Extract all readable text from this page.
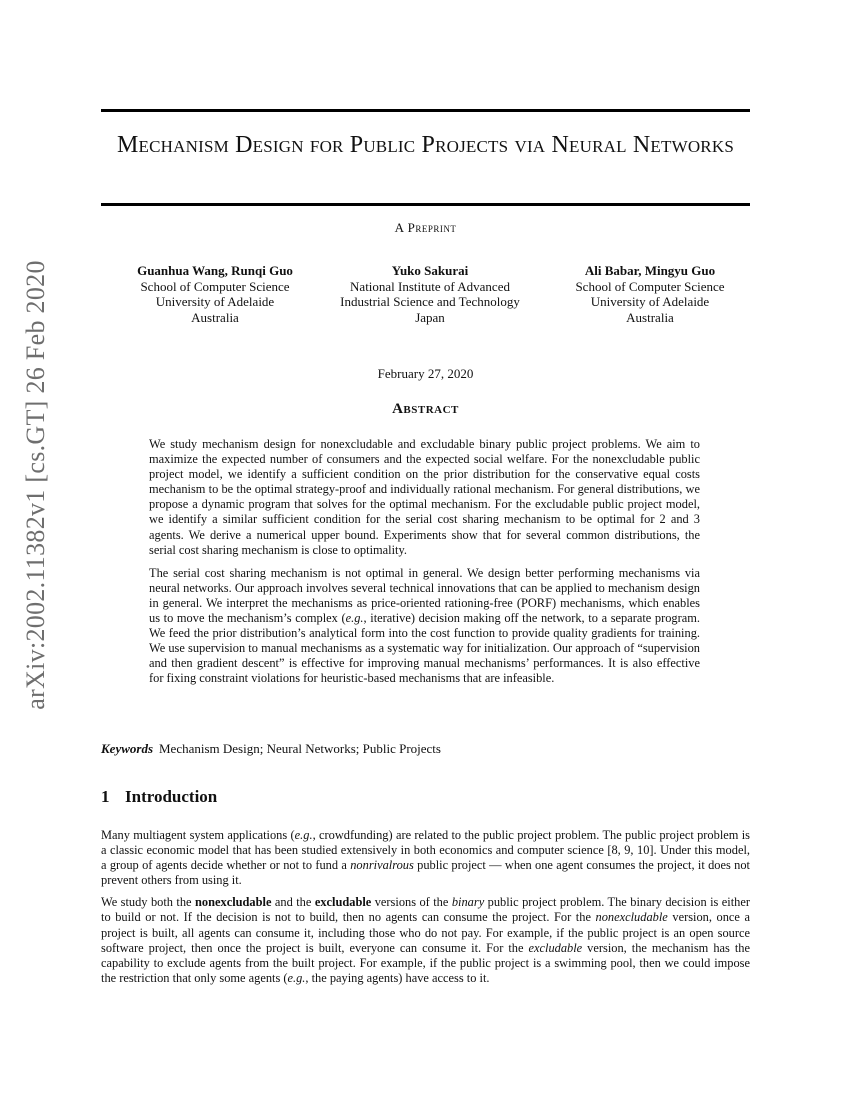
arXiv:2002.11382v1 [cs.GT] 26 Feb 2020
Mechanism Design for Public Projects via Neural Networks
A Preprint
Guanhua Wang, Runqi Guo
School of Computer Science
University of Adelaide
Australia
Yuko Sakurai
National Institute of Advanced
Industrial Science and Technology
Japan
Ali Babar, Mingyu Guo
School of Computer Science
University of Adelaide
Australia
February 27, 2020
Abstract

We study mechanism design for nonexcludable and excludable binary public project problems. We aim to maximize the expected number of consumers and the expected social welfare. For the nonexcludable public project model, we identify a sufficient condition on the prior distribution for the conservative equal costs mechanism to be the optimal strategy-proof and individually rational mechanism. For general distributions, we propose a dynamic program that solves for the optimal mechanism. For the excludable public project model, we identify a similar sufficient condition for the serial cost sharing mechanism to be optimal for 2 and 3 agents. We derive a numerical upper bound. Experiments show that for several common distributions, the serial cost sharing mechanism is close to optimality.

The serial cost sharing mechanism is not optimal in general. We design better performing mechanisms via neural networks. Our approach involves several technical innovations that can be applied to mechanism design in general. We interpret the mechanisms as price-oriented rationing-free (PORF) mechanisms, which enables us to move the mechanism’s complex (e.g., iterative) decision making off the network, to a separate program. We feed the prior distribution’s analytical form into the cost function to provide quality gradients for training. We use supervision to manual mechanisms as a systematic way for initialization. Our approach of “supervision and then gradient descent” is effective for improving manual mechanisms’ performances. It is also effective for fixing constraint violations for heuristic-based mechanisms that are infeasible.

Keywords Mechanism Design; Neural Networks; Public Projects
1 Introduction

Many multiagent system applications (e.g., crowdfunding) are related to the public project problem. The public project problem is a classic economic model that has been studied extensively in both economics and computer science [8, 9, 10]. Under this model, a group of agents decide whether or not to fund a nonrivalrous public project — when one agent consumes the project, it does not prevent others from using it.

We study both the nonexcludable and the excludable versions of the binary public project problem. The binary decision is either to build or not. If the decision is not to build, then no agents can consume the project. For the nonexcludable version, once a project is built, all agents can consume it, including those who do not pay. For example, if the public project is an open source software project, then once the project is built, everyone can consume it. For the excludable version, the mechanism has the capability to exclude agents from the built project. For example, if the public project is a swimming pool, then we could impose the restriction that only some agents (e.g., the paying agents) have access to it.
